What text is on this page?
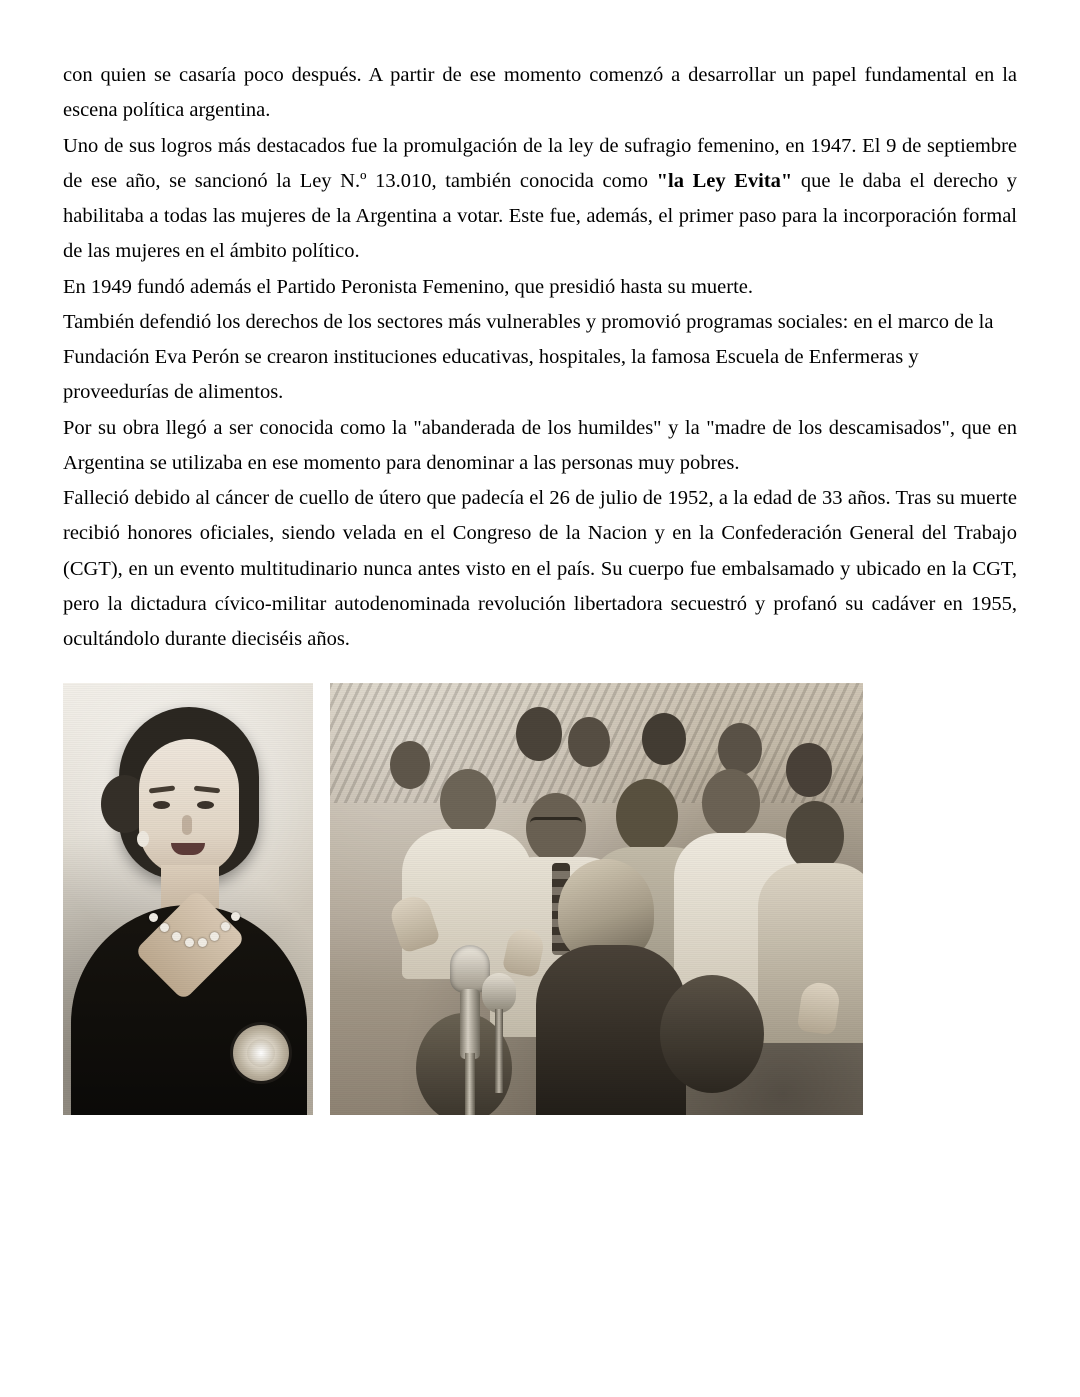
con quien se casaría poco después. A partir de ese momento comenzó a desarrollar un papel fundamental en la escena política argentina.

Uno de sus logros más destacados fue la promulgación de la ley de sufragio femenino, en 1947. El 9 de septiembre de ese año, se sancionó la Ley N.º 13.010, también conocida como "la Ley Evita" que le daba el derecho y habilitaba a todas las mujeres de la Argentina a votar. Este fue, además, el primer paso para la incorporación formal de las mujeres en el ámbito político.

En 1949 fundó además el Partido Peronista Femenino, que presidió hasta su muerte.

También defendió los derechos de los sectores más vulnerables y promovió programas sociales: en el marco de la Fundación Eva Perón se crearon instituciones educativas, hospitales, la famosa Escuela de Enfermeras y proveedurías de alimentos.

Por su obra llegó a ser conocida como la "abanderada de los humildes" y la "madre de los descamisados", que en Argentina se utilizaba en ese momento para denominar a las personas muy pobres.

Falleció debido al cáncer de cuello de útero que padecía el 26 de julio de 1952, a la edad de 33 años. Tras su muerte recibió honores oficiales, siendo velada en el Congreso de la Nacion y en la Confederación General del Trabajo (CGT), en un evento multitudinario nunca antes visto en el país. Su cuerpo fue embalsamado y ubicado en la CGT, pero la dictadura cívico-militar autodenominada revolución libertadora secuestró y profanó su cadáver en 1955, ocultándolo durante dieciséis años.
